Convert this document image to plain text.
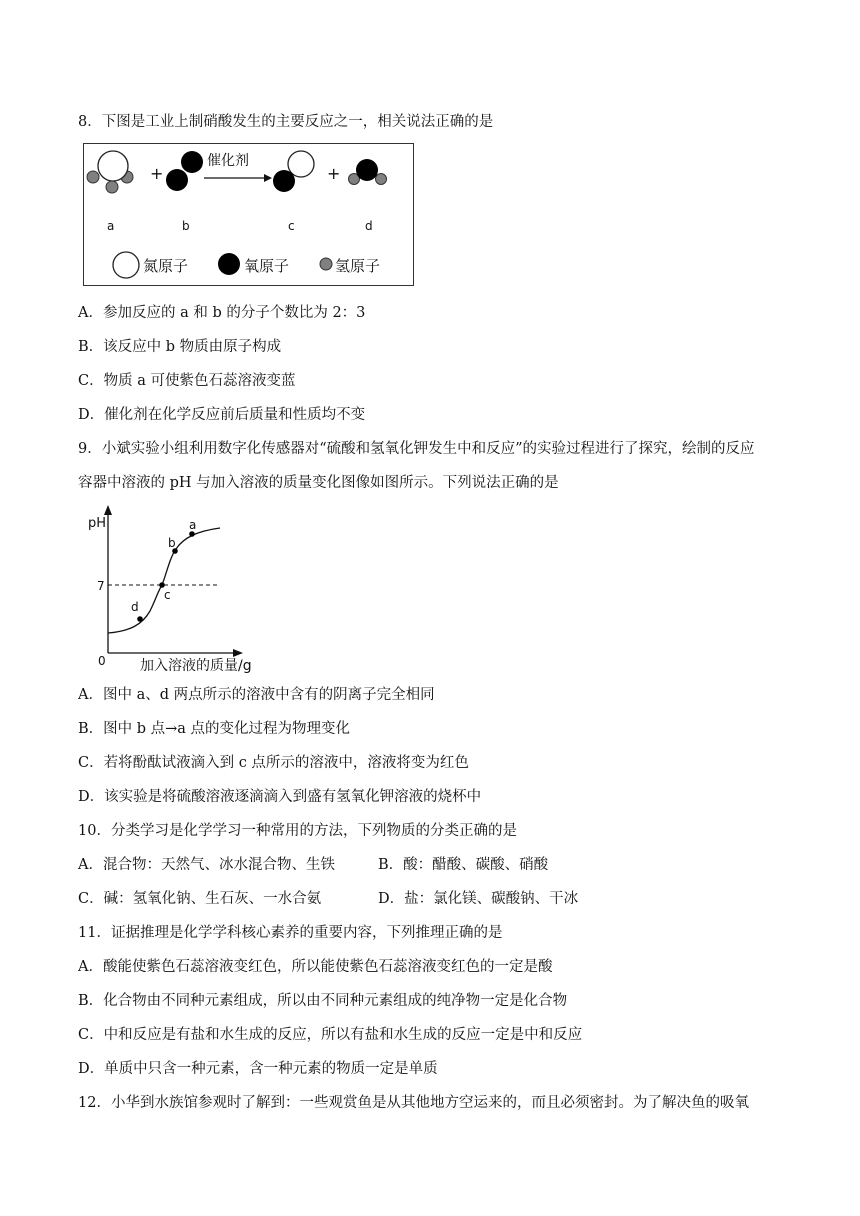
8．下图是工业上制硝酸发生的主要反应之一，相关说法正确的是
+
催化剂
+
a	b	c	d
氮原子	氧原子	氢原子
A．参加反应的 a 和 b 的分子个数比为 2：3
B．该反应中 b 物质由原子构成
C．物质 a 可使紫色石蕊溶液变蓝
D．催化剂在化学反应前后质量和性质均不变
9．小斌实验小组利用数字化传感器对“硫酸和氢氧化钾发生中和反应”的实验过程进行了探究，绘制的反应
容器中溶液的 pH 与加入溶液的质量变化图像如图所示。下列说法正确的是
pH
0 加入溶液的质量/g
7
a
b
c
d
A．图中 a、d 两点所示的溶液中含有的阴离子完全相同
B．图中 b 点→a 点的变化过程为物理变化
C．若将酚酞试液滴入到 c 点所示的溶液中，溶液将变为红色
D．该实验是将硫酸溶液逐滴滴入到盛有氢氧化钾溶液的烧杯中
10．分类学习是化学学习一种常用的方法，下列物质的分类正确的是
A．混合物：天然气、冰水混合物、生铁	B．酸：醋酸、碳酸、硝酸
C．碱：氢氧化钠、生石灰、一水合氨	D．盐：氯化镁、碳酸钠、干冰
11．证据推理是化学学科核心素养的重要内容，下列推理正确的是
A．酸能使紫色石蕊溶液变红色，所以能使紫色石蕊溶液变红色的一定是酸
B．化合物由不同种元素组成，所以由不同种元素组成的纯净物一定是化合物
C．中和反应是有盐和水生成的反应，所以有盐和水生成的反应一定是中和反应
D．单质中只含一种元素，含一种元素的物质一定是单质
12．小华到水族馆参观时了解到：一些观赏鱼是从其他地方空运来的，而且必须密封。为了解决鱼的吸氧
